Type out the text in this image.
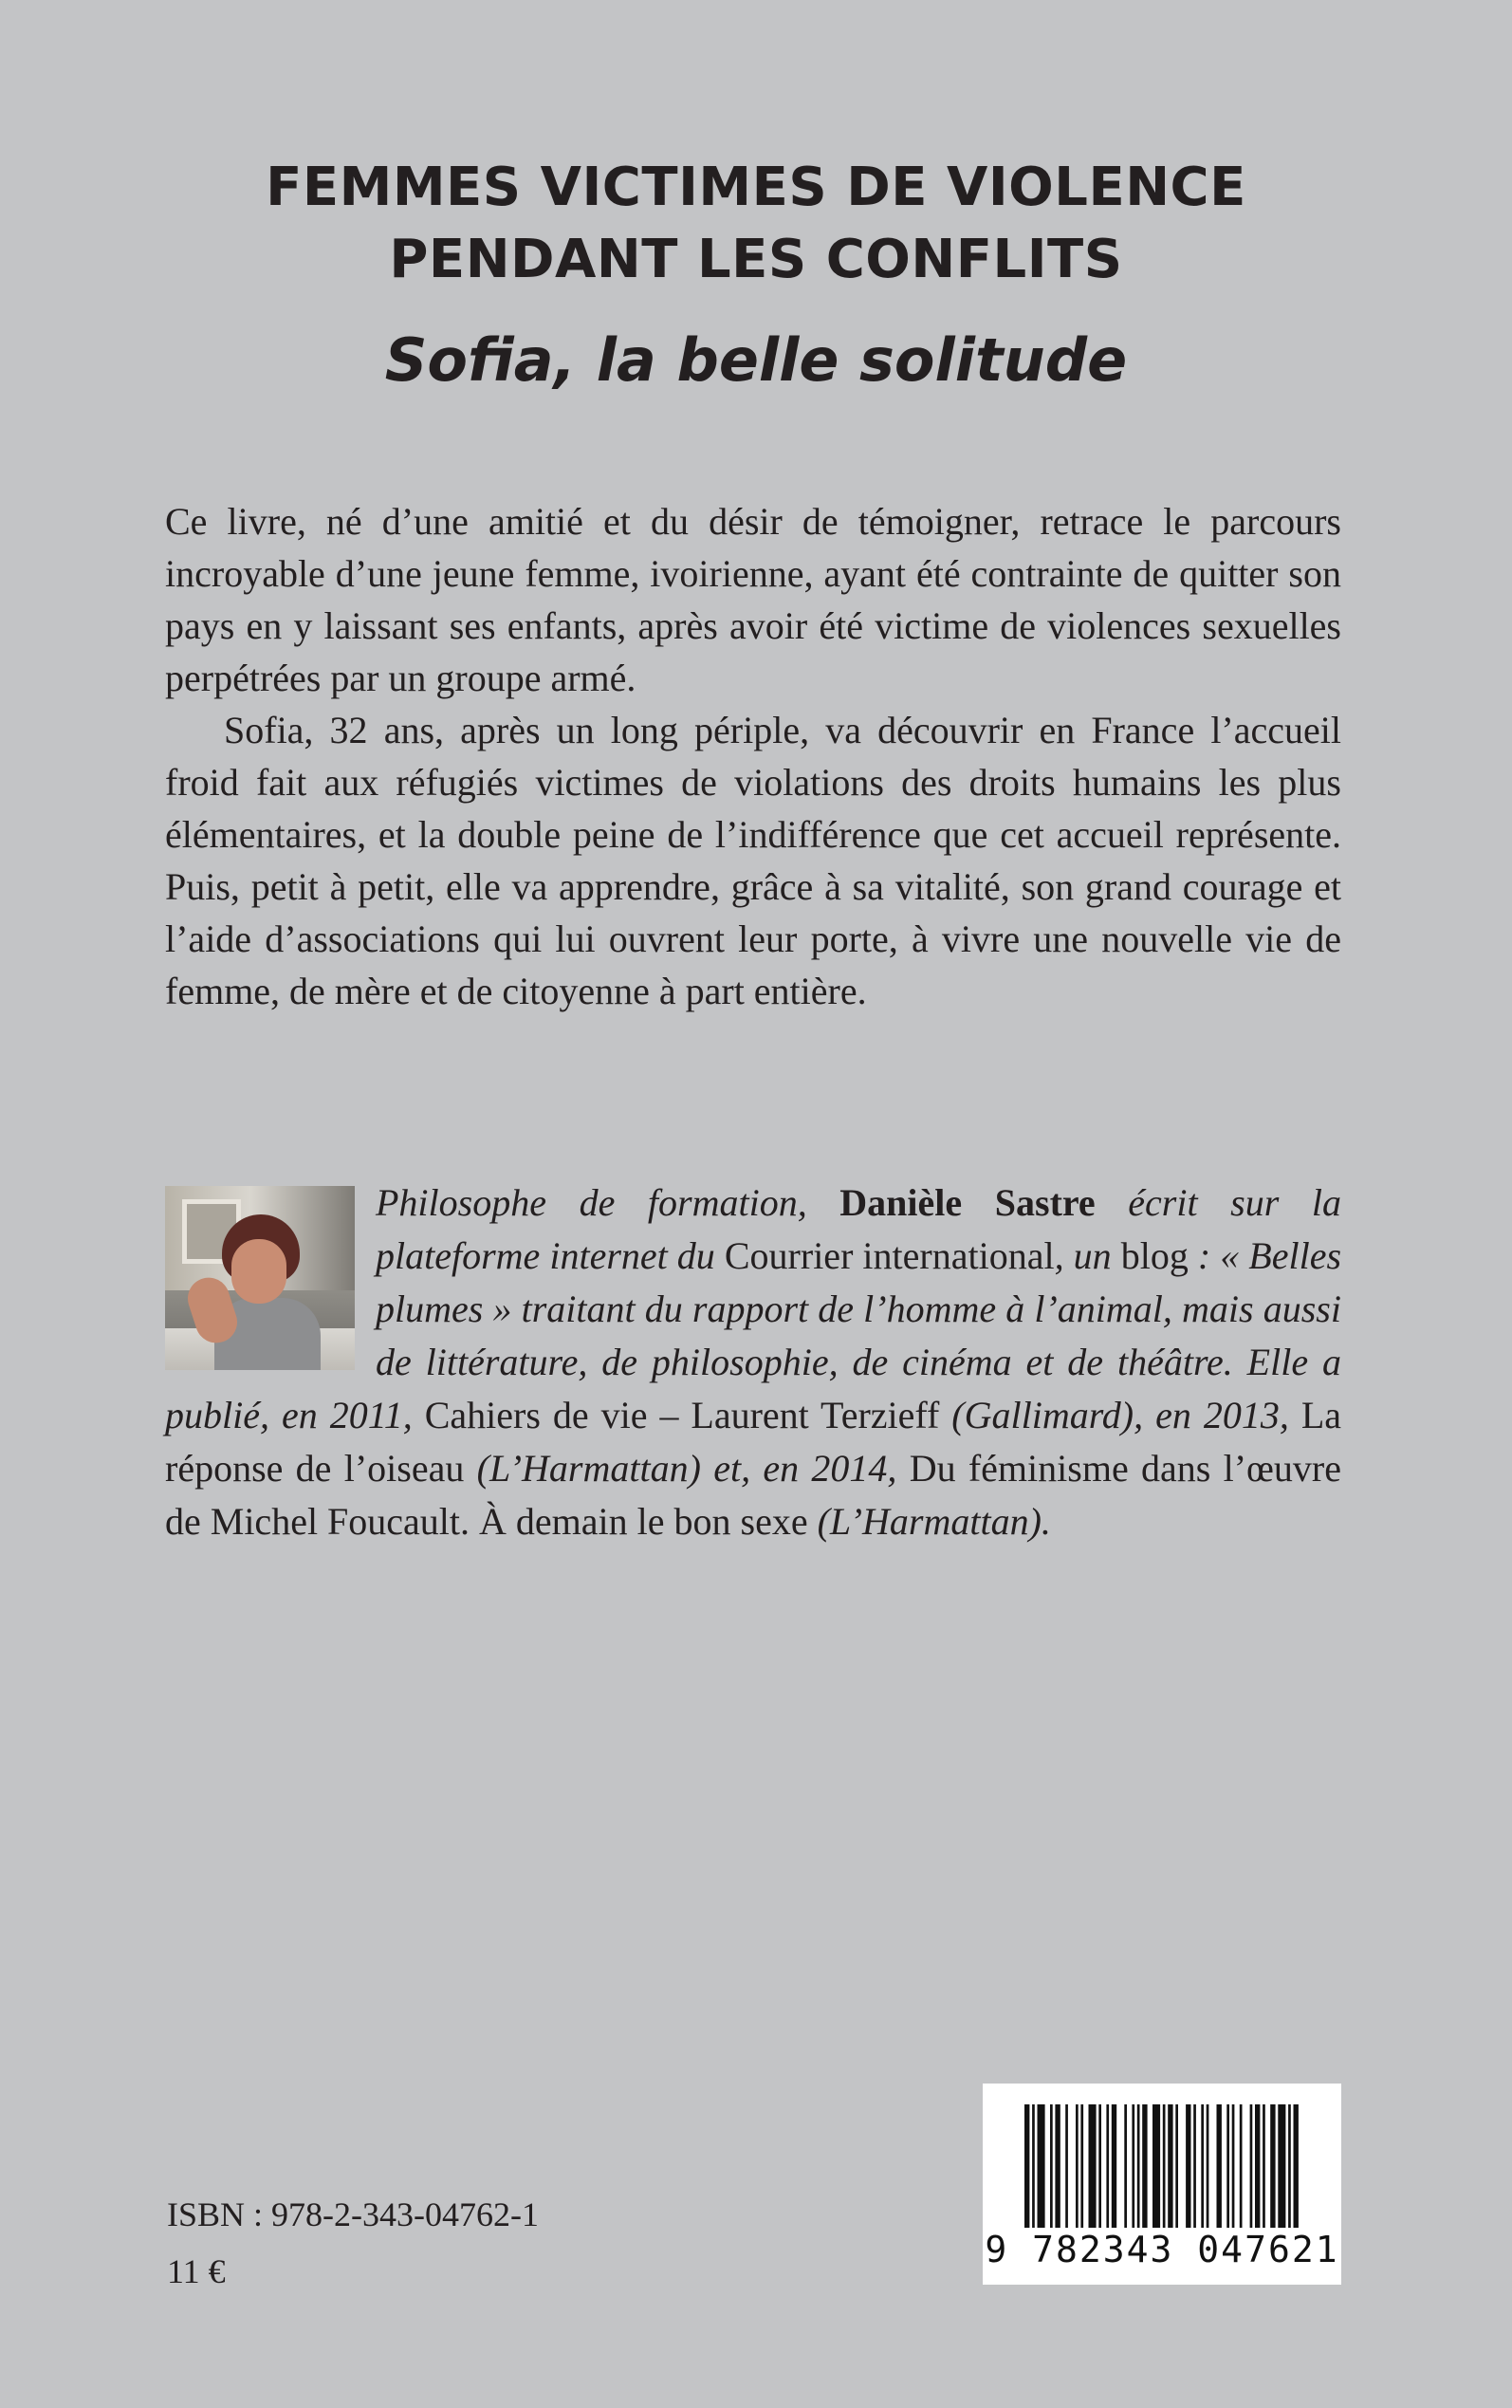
FEMMES VICTIMES DE VIOLENCE
PENDANT LES CONFLITS
Sofia, la belle solitude

Ce livre, né d’une amitié et du désir de témoigner, retrace le parcours incroyable d’une jeune femme, ivoirienne, ayant été contrainte de quitter son pays en y laissant ses enfants, après avoir été victime de violences sexuelles perpétrées par un groupe armé.

Sofia, 32 ans, après un long périple, va découvrir en France l’accueil froid fait aux réfugiés victimes de violations des droits humains les plus élémentaires, et la double peine de l’indifférence que cet accueil représente. Puis, petit à petit, elle va apprendre, grâce à sa vitalité, son grand courage et l’aide d’associations qui lui ouvrent leur porte, à vivre une nouvelle vie de femme, de mère et de citoyenne à part entière.

Philosophe de formation, Danièle Sastre écrit sur la plateforme internet du Courrier international, un blog : « Belles plumes » traitant du rapport de l’homme à l’animal, mais aussi de littérature, de philosophie, de cinéma et de théâtre. Elle a publié, en 2011, Cahiers de vie – Laurent Terzieff (Gallimard), en 2013, La réponse de l’oiseau (L’Harmattan) et, en 2014, Du féminisme dans l’œuvre de Michel Foucault. À demain le bon sexe (L’Harmattan).
ISBN : 978-2-343-04762-1
11 €
9 782343 047621
